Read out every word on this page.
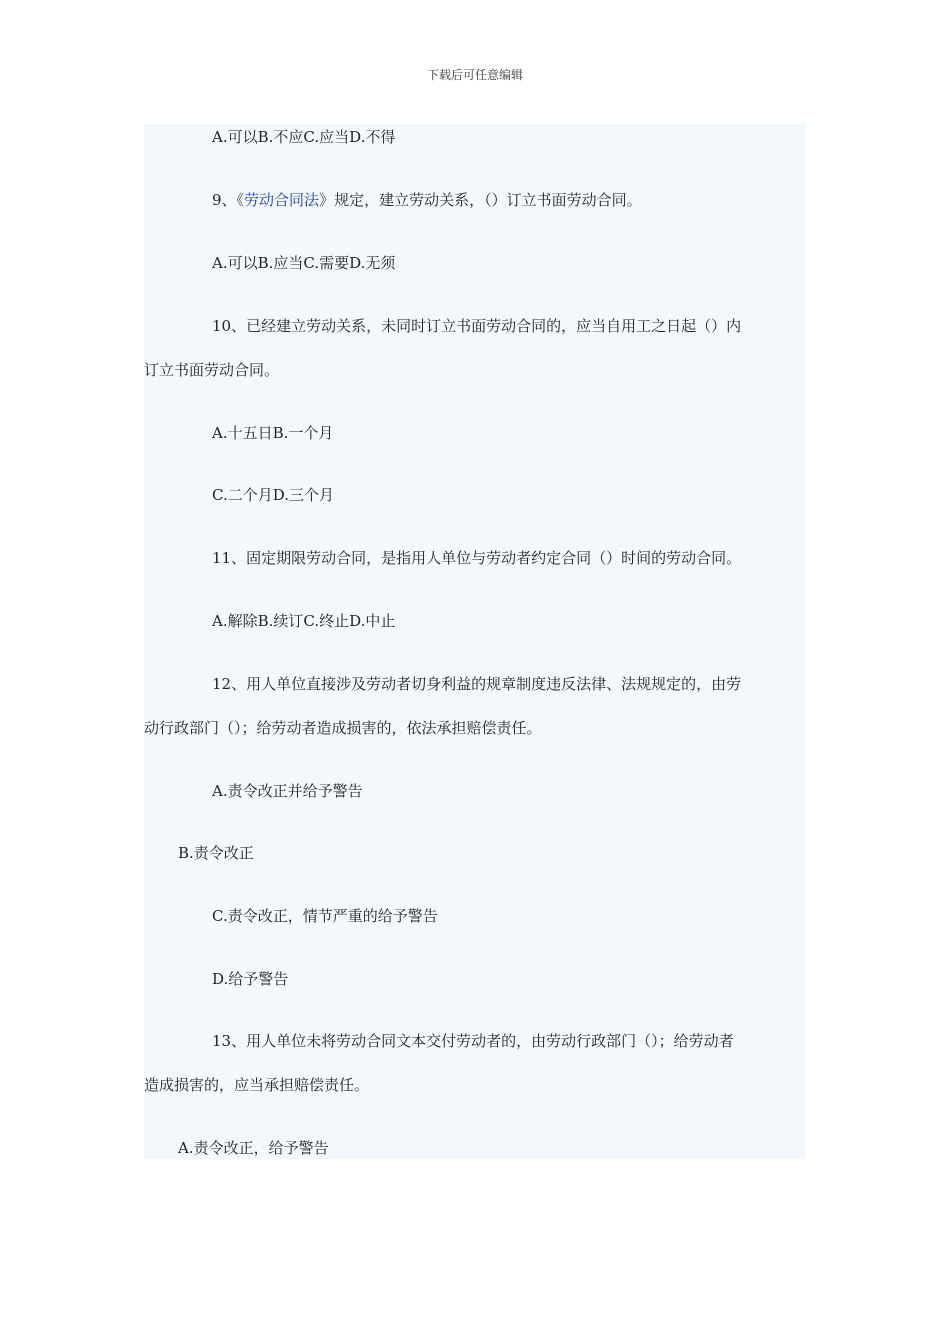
下载后可任意编辑
A.可以B.不应C.应当D.不得
9、《劳动合同法》规定，建立劳动关系，（）订立书面劳动合同。
A.可以B.应当C.需要D.无须
10、已经建立劳动关系，未同时订立书面劳动合同的，应当自用工之日起（）内
订立书面劳动合同。
A.十五日B.一个月
C.二个月D.三个月
11、固定期限劳动合同，是指用人单位与劳动者约定合同（）时间的劳动合同。
A.解除B.续订C.终止D.中止
12、用人单位直接涉及劳动者切身利益的规章制度违反法律、法规规定的，由劳
动行政部门（）；给劳动者造成损害的，依法承担赔偿责任。
A.责令改正并给予警告
B.责令改正
C.责令改正，情节严重的给予警告
D.给予警告
13、用人单位未将劳动合同文本交付劳动者的，由劳动行政部门（）；给劳动者
造成损害的，应当承担赔偿责任。
A.责令改正，给予警告
